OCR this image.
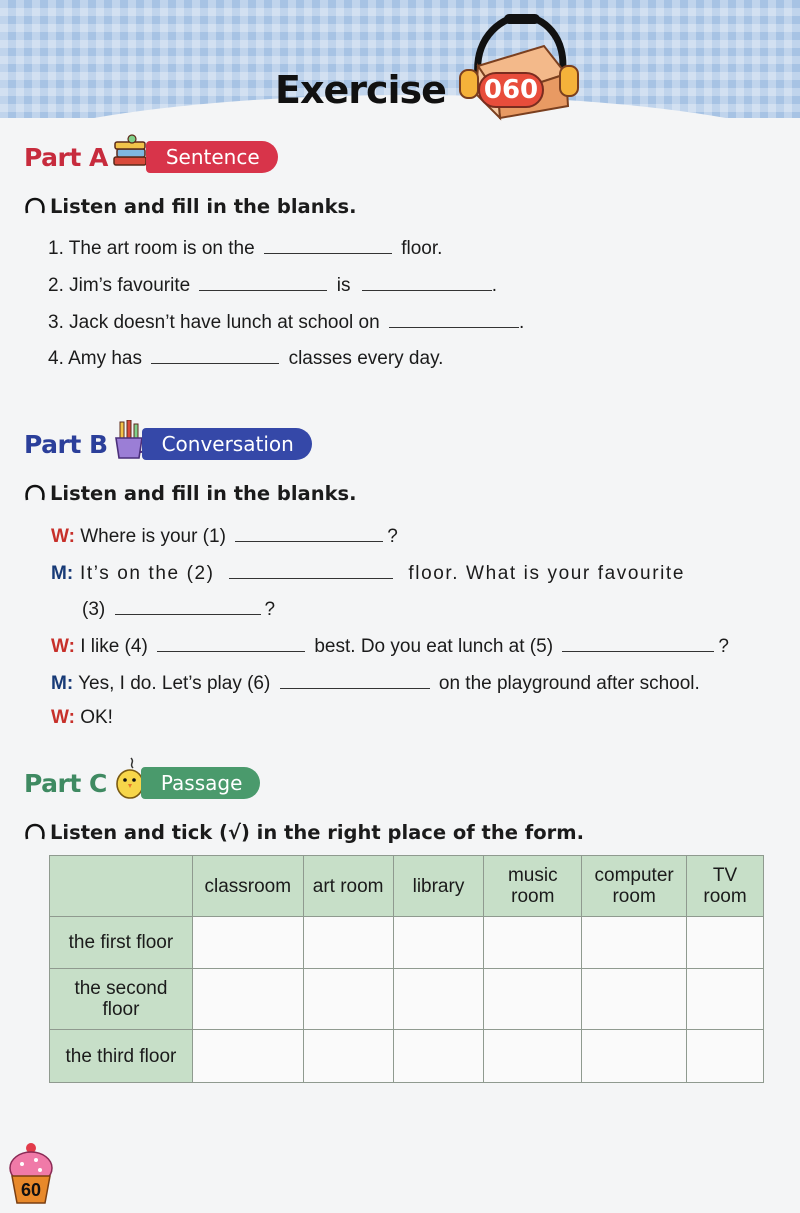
Exercise 060
Part A	Sentence
Listen and fill in the blanks.
1. The art room is on the	floor.
2. Jim’s favourite	is	.
3. Jack doesn’t have lunch at school on	.
4. Amy has	classes every day.
Part B	Conversation
Listen and fill in the blanks.
W: Where is your (1)	?
M: It’s on the (2)	floor. What is your favourite
(3)	?
W: I like (4)	best. Do you eat lunch at (5)	?
M: Yes, I do. Let’s play (6)	on the playground after school.
W: OK!
Part C	Passage
Listen and tick (√) in the right place of the form.
	classroom	art room	library	music room	computer room	TV room
the first floor						
the second floor						
the third floor						
60
